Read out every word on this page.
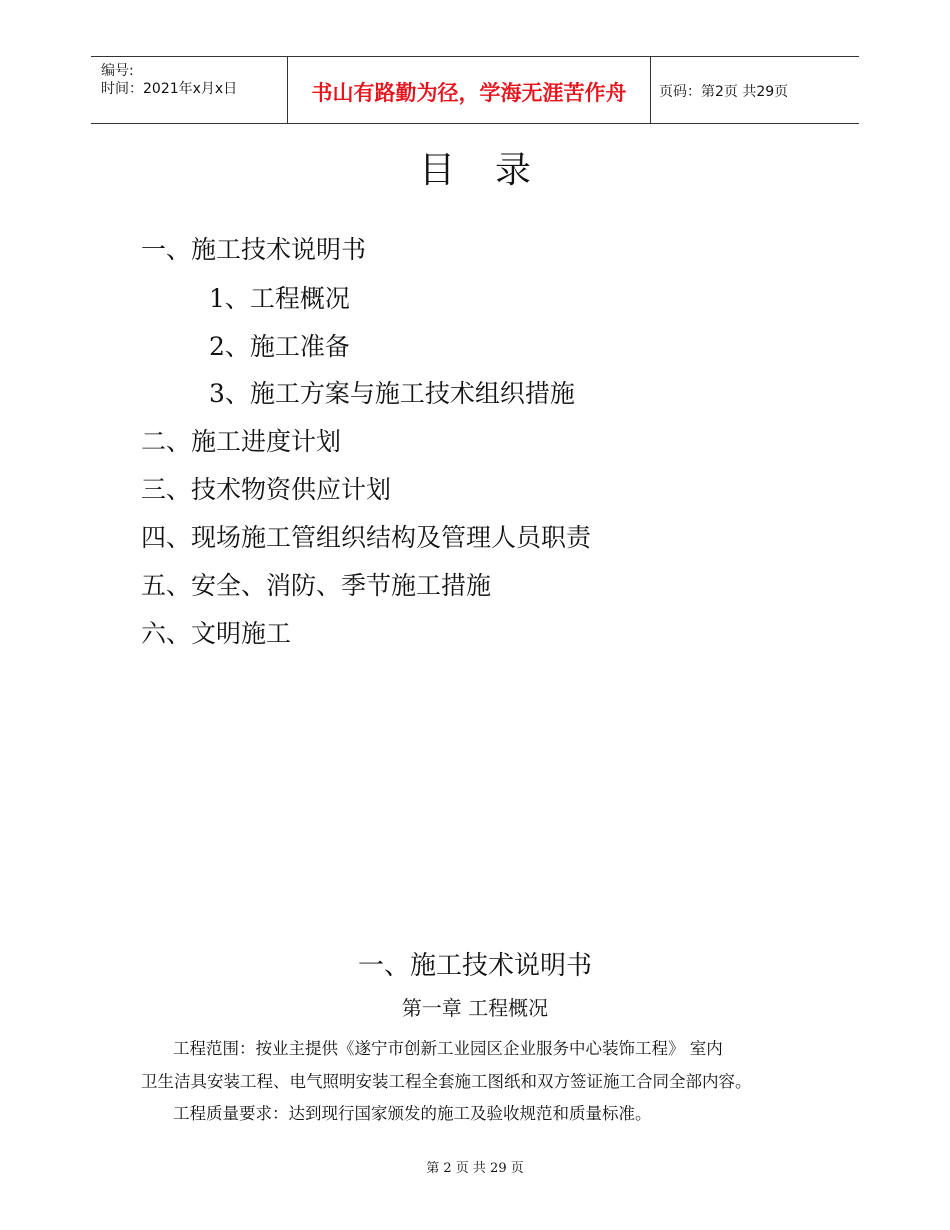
编号:
时间：2021年x月x日	书山有路勤为径，学海无涯苦作舟	页码：第2页 共29页
目录
一、施工技术说明书
1、工程概况
2、施工准备
3、施工方案与施工技术组织措施
二、施工进度计划
三、技术物资供应计划
四、现场施工管组织结构及管理人员职责
五、安全、消防、季节施工措施
六、文明施工
一、施工技术说明书
第一章 工程概况
工程范围：按业主提供《遂宁市创新工业园区企业服务中心装饰工程》 室内
卫生洁具安装工程、电气照明安装工程全套施工图纸和双方签证施工合同全部内容。
工程质量要求：达到现行国家颁发的施工及验收规范和质量标准。
第 2 页 共 29 页
